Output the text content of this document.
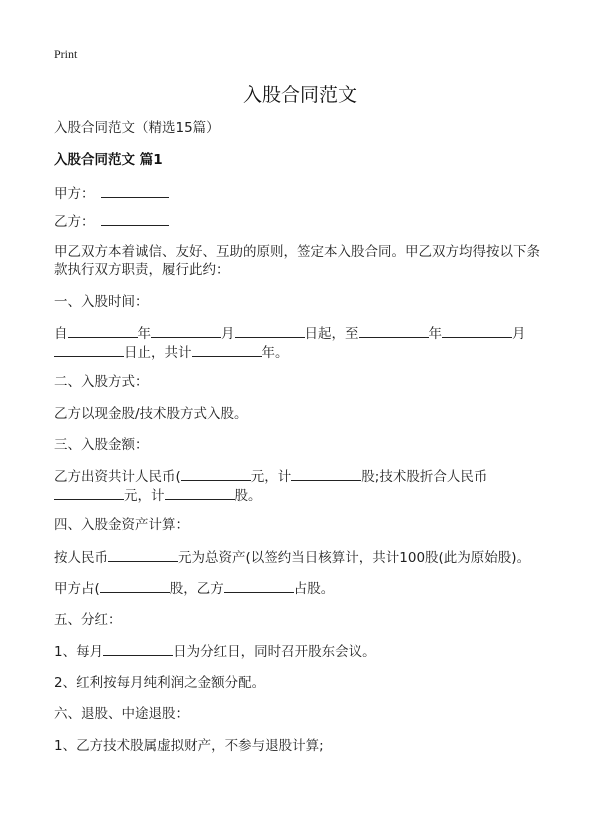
Print
入股合同范文

入股合同范文（精选15篇）

入股合同范文 篇1

甲方：

乙方：

甲乙双方本着诚信、友好、互助的原则，签定本入股合同。甲乙双方均得按以下条款执行双方职责，履行此约：

一、入股时间：

自	年	月	日起，至	年	月日止，共计	年。

二、入股方式：

乙方以现金股/技术股方式入股。

三、入股金额：

乙方出资共计人民币(	元，计	股;技术股折合人民币元，计	股。

四、入股金资产计算：

按人民币	元为总资产(以签约当日核算计，共计100股(此为原始股)。

甲方占(	股，乙方	占股。

五、分红：

1、每月	日为分红日，同时召开股东会议。

2、红利按每月纯利润之金额分配。

六、退股、中途退股：

1、乙方技术股属虚拟财产，不参与退股计算;
